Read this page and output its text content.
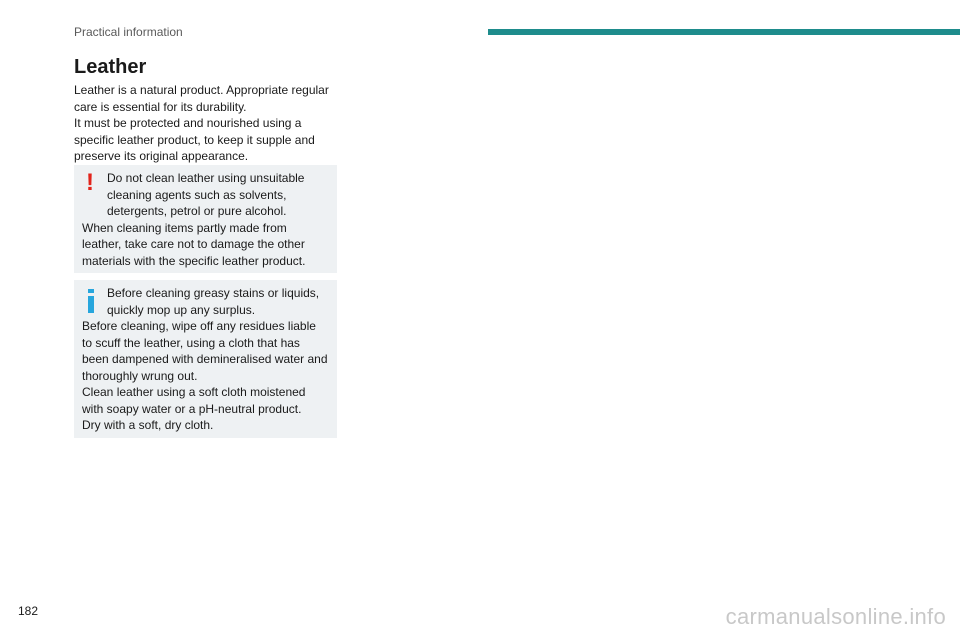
Practical information
Leather

Leather is a natural product. Appropriate regular care is essential for its durability.

It must be protected and nourished using a specific leather product, to keep it supple and preserve its original appearance.

! Do not clean leather using unsuitable cleaning agents such as solvents, detergents, petrol or pure alcohol.

When cleaning items partly made from leather, take care not to damage the other materials with the specific leather product.

Before cleaning greasy stains or liquids, quickly mop up any surplus.

Before cleaning, wipe off any residues liable to scuff the leather, using a cloth that has been dampened with demineralised water and thoroughly wrung out.

Clean leather using a soft cloth moistened with soapy water or a pH-neutral product.

Dry with a soft, dry cloth.

182	carmanualsonline.info
